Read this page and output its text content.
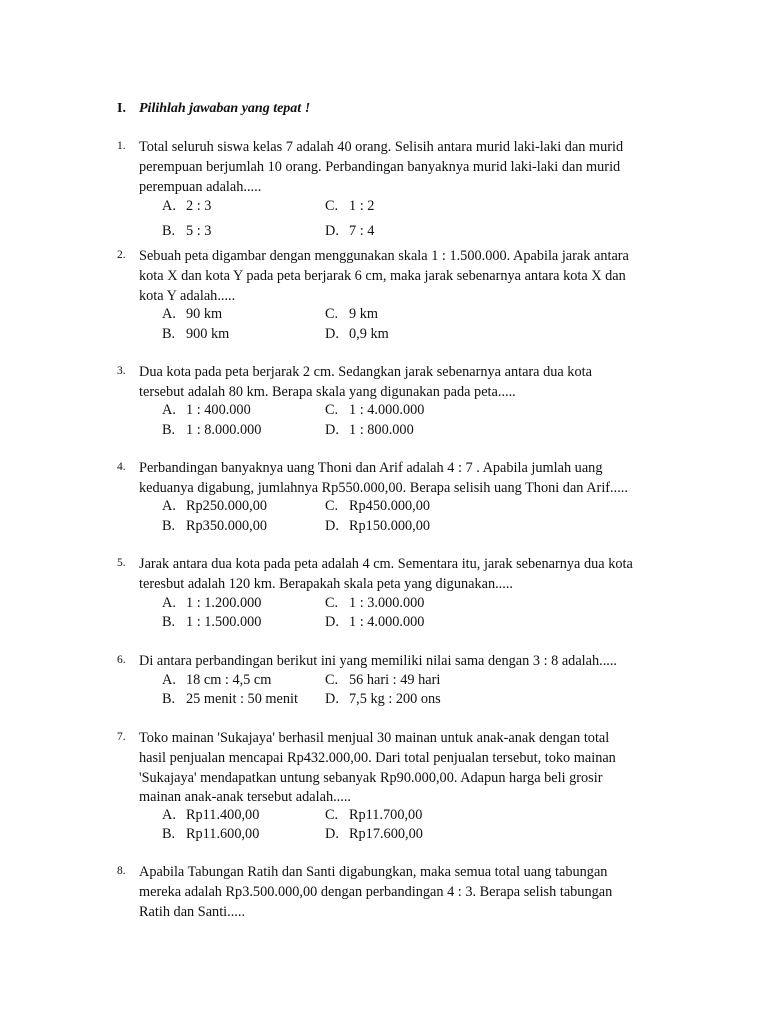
I. Pilihlah jawaban yang tepat !
1. Total seluruh siswa kelas 7 adalah 40 orang. Selisih antara murid laki-laki dan murid
perempuan berjumlah 10 orang. Perbandingan banyaknya murid laki-laki dan murid
perempuan adalah.....
A. 2 : 3	C. 1 : 2
B. 5 : 3	D. 7 : 4
2. Sebuah peta digambar dengan menggunakan skala 1 : 1.500.000. Apabila jarak antara
kota X dan kota Y pada peta berjarak 6 cm, maka jarak sebenarnya antara kota X dan
kota Y adalah.....
A. 90 km	C. 9 km
B. 900 km	D. 0,9 km
3. Dua kota pada peta berjarak 2 cm. Sedangkan jarak sebenarnya antara dua kota
tersebut adalah 80 km. Berapa skala yang digunakan pada peta.....
A. 1 : 400.000	C. 1 : 4.000.000
B. 1 : 8.000.000	D. 1 : 800.000
4. Perbandingan banyaknya uang Thoni dan Arif adalah 4 : 7 . Apabila jumlah uang
keduanya digabung, jumlahnya Rp550.000,00. Berapa selisih uang Thoni dan Arif.....
A. Rp250.000,00	C. Rp450.000,00
B. Rp350.000,00	D. Rp150.000,00
5. Jarak antara dua kota pada peta adalah 4 cm. Sementara itu, jarak sebenarnya dua kota
teresbut adalah 120 km. Berapakah skala peta yang digunakan.....
A. 1 : 1.200.000	C. 1 : 3.000.000
B. 1 : 1.500.000	D. 1 : 4.000.000
6. Di antara perbandingan berikut ini yang memiliki nilai sama dengan 3 : 8 adalah.....
A. 18 cm : 4,5 cm	C. 56 hari : 49 hari
B. 25 menit : 50 menit D. 7,5 kg : 200 ons
7. Toko mainan 'Sukajaya' berhasil menjual 30 mainan untuk anak-anak dengan total
hasil penjualan mencapai Rp432.000,00. Dari total penjualan tersebut, toko mainan
'Sukajaya' mendapatkan untung sebanyak Rp90.000,00. Adapun harga beli grosir
mainan anak-anak tersebut adalah.....
A. Rp11.400,00	C. Rp11.700,00
B. Rp11.600,00	D. Rp17.600,00
8. Apabila Tabungan Ratih dan Santi digabungkan, maka semua total uang tabungan
mereka adalah Rp3.500.000,00 dengan perbandingan 4 : 3. Berapa selish tabungan
Ratih dan Santi.....
